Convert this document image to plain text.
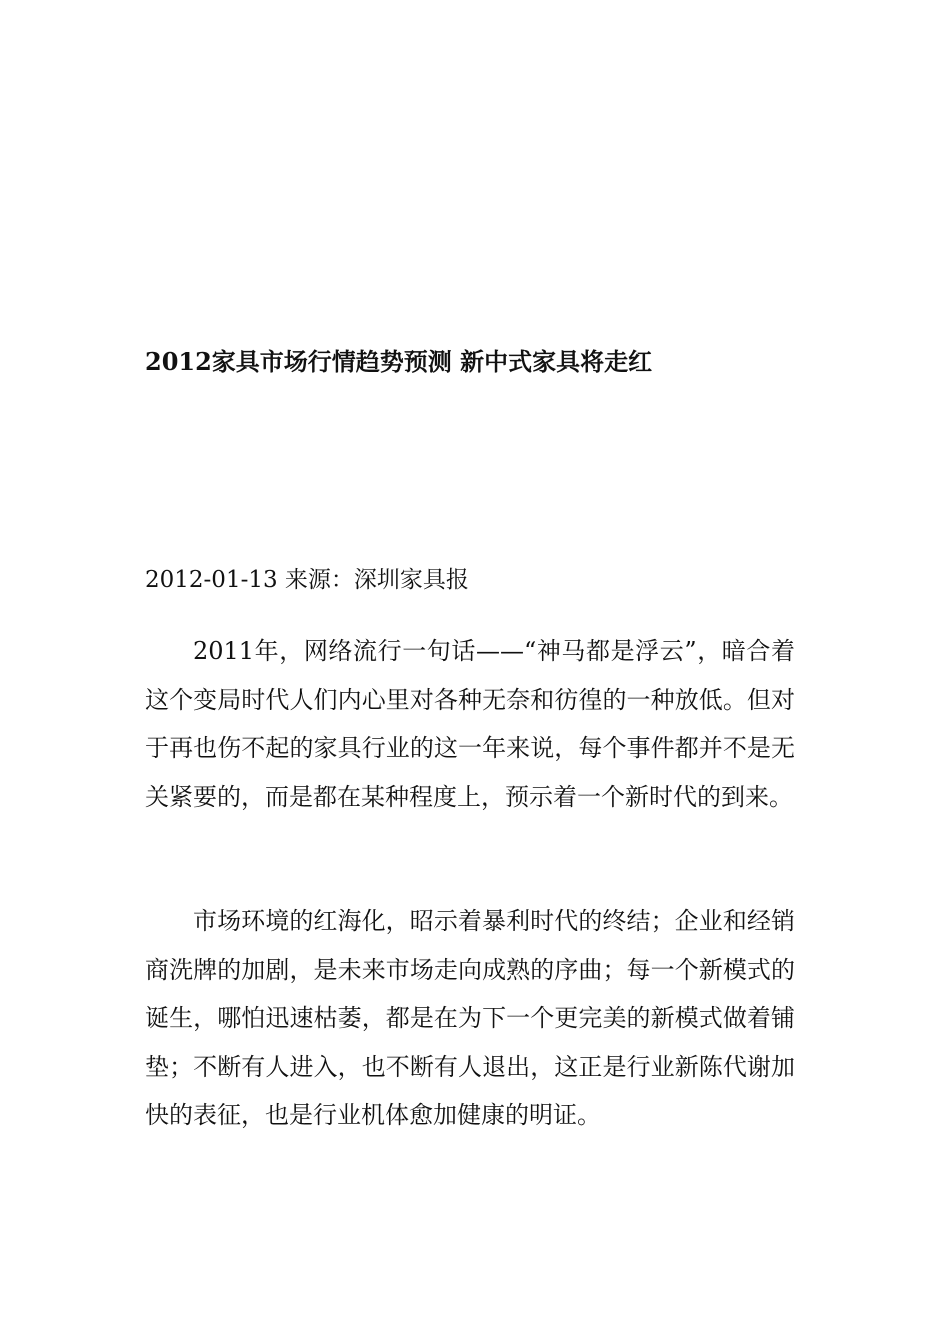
2012家具市场行情趋势预测 新中式家具将走红
2012-01-13 来源：深圳家具报

2011年，网络流行一句话——“神马都是浮云”，暗合着这个变局时代人们内心里对各种无奈和彷徨的一种放低。但对于再也伤不起的家具行业的这一年来说，每个事件都并不是无关紧要的，而是都在某种程度上，预示着一个新时代的到来。

市场环境的红海化，昭示着暴利时代的终结；企业和经销商洗牌的加剧，是未来市场走向成熟的序曲；每一个新模式的诞生，哪怕迅速枯萎，都是在为下一个更完美的新模式做着铺垫；不断有人进入，也不断有人退出，这正是行业新陈代谢加快的表征，也是行业机体愈加健康的明证。
